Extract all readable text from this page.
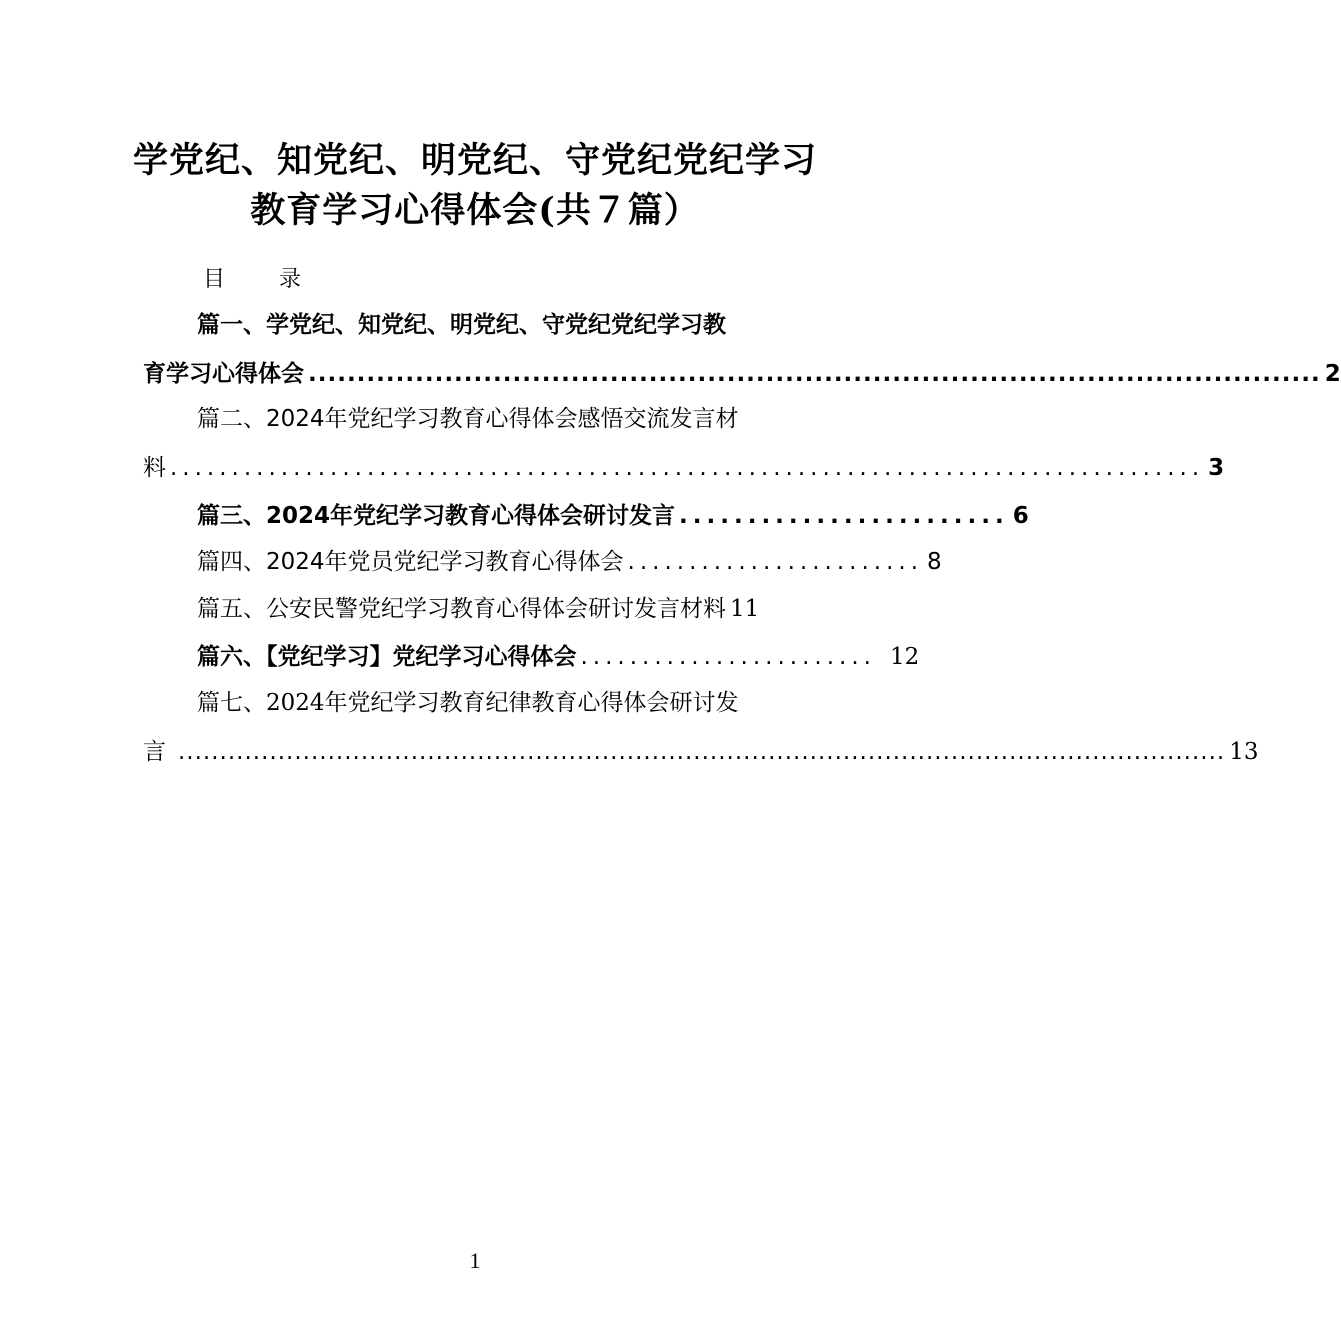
学党纪、知党纪、明党纪、守党纪党纪学习
教育学习心得体会(共７篇）
目　录
篇一、学党纪、知党纪、明党纪、守党纪党纪学习教
育学习心得体会 ........................................................................................................ 2
篇二、2024年党纪学习教育心得体会感悟交流发言材
料 .................................................................................... 3
篇三、2024年党纪学习教育心得体会研讨发言 ........................ 6
篇四、2024年党员党纪学习教育心得体会 ........................ 8
篇五、公安民警党纪学习教育心得体会研讨发言材料 11
篇六、【党纪学习】党纪学习心得体会 ........................ 12
篇七、2024年党纪学习教育纪律教育心得体会研讨发
言 .............................................................................................................................. 13
1
